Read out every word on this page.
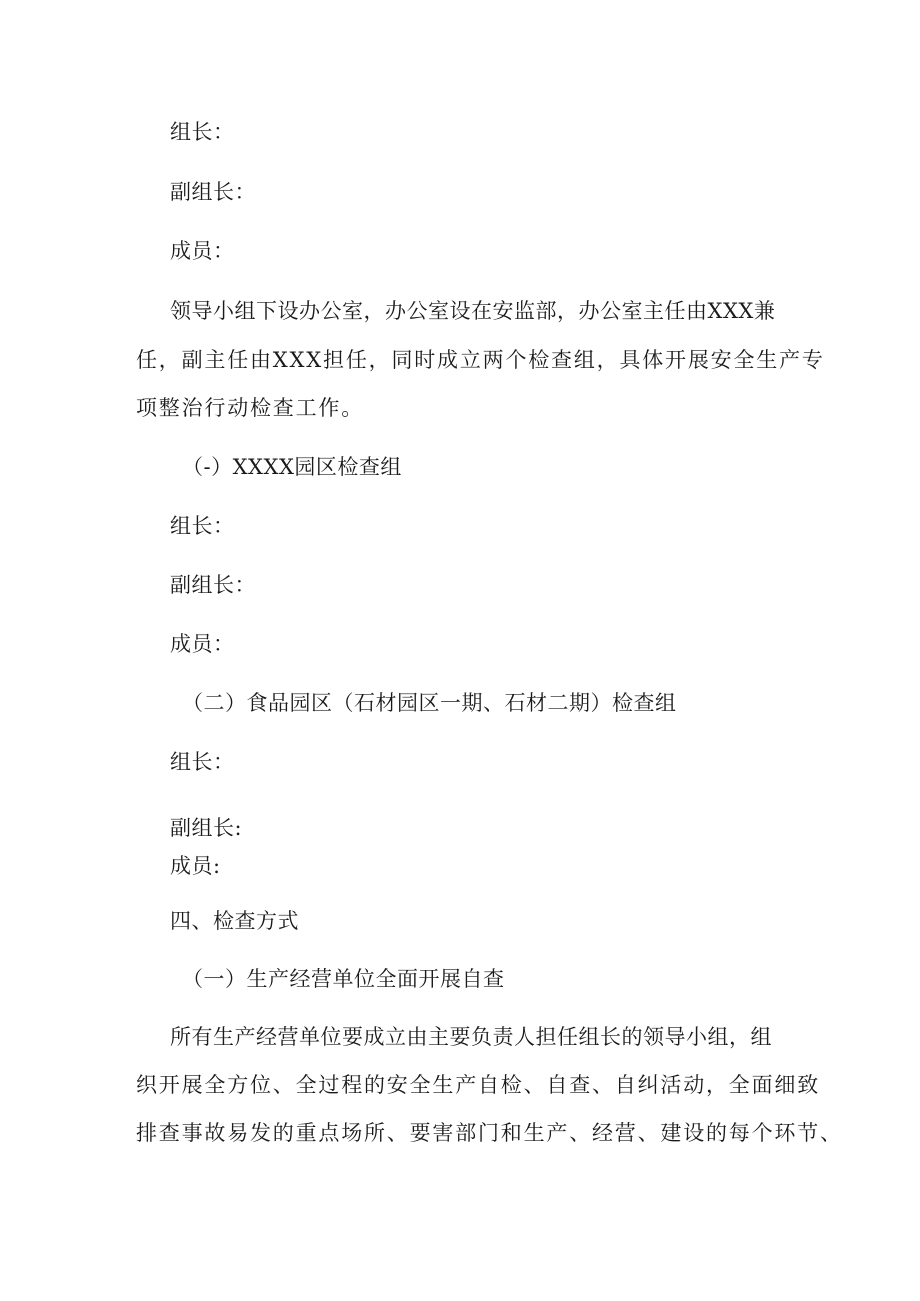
组长：
副组长：
成员：
领导小组下设办公室，办公室设在安监部，办公室主任由XXX兼
任，副主任由XXX担任，同时成立两个检查组，具体开展安全生产专
项整治行动检查工作。
（-）XXXX园区检查组
组长：
副组长：
成员：
（二）食品园区（石材园区一期、石材二期）检查组
组长：
副组长:
成员:
四、检查方式
（一）生产经营单位全面开展自查
所有生产经营单位要成立由主要负责人担任组长的领导小组，组
织开展全方位、全过程的安全生产自检、自查、自纠活动，全面细致
排查事故易发的重点场所、要害部门和生产、经营、建设的每个环节、
